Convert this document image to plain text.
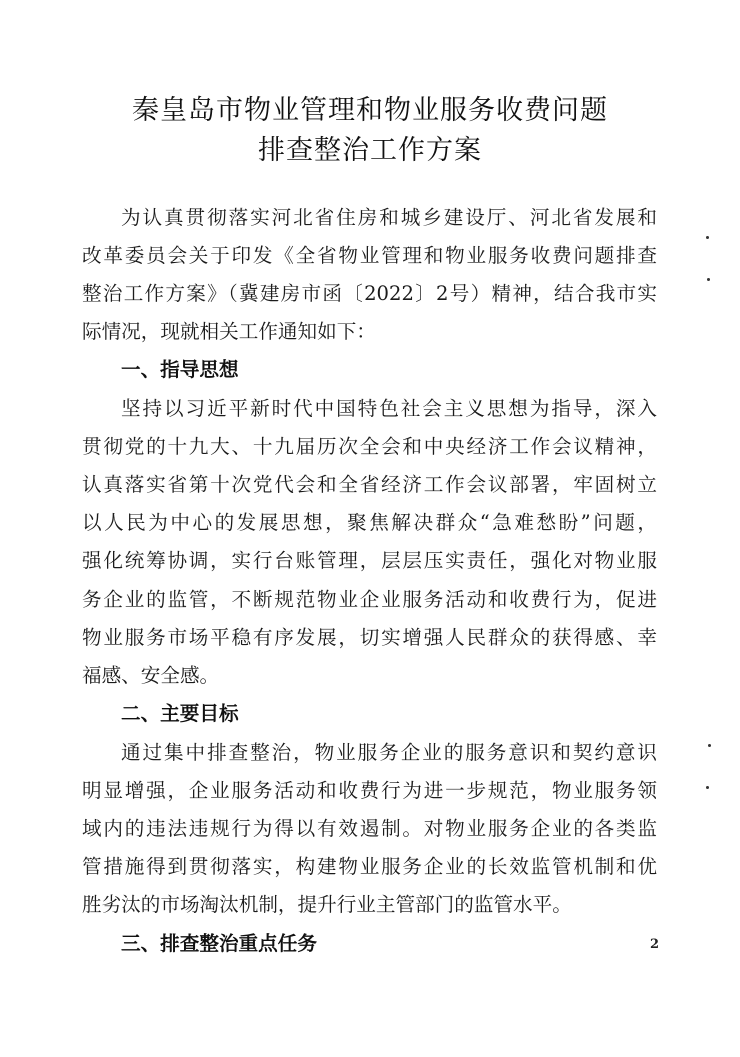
秦皇岛市物业管理和物业服务收费问题
排查整治工作方案
为认真贯彻落实河北省住房和城乡建设厅、河北省发展和
改革委员会关于印发《全省物业管理和物业服务收费问题排查
整治工作方案》（冀建房市函〔2022〕2号）精神，结合我市实
际情况，现就相关工作通知如下：
一、指导思想
坚持以习近平新时代中国特色社会主义思想为指导，深入
贯彻党的十九大、十九届历次全会和中央经济工作会议精神，
认真落实省第十次党代会和全省经济工作会议部署，牢固树立
以人民为中心的发展思想，聚焦解决群众“急难愁盼”问题，
强化统筹协调，实行台账管理，层层压实责任，强化对物业服
务企业的监管，不断规范物业企业服务活动和收费行为，促进
物业服务市场平稳有序发展，切实增强人民群众的获得感、幸
福感、安全感。
二、主要目标
通过集中排查整治，物业服务企业的服务意识和契约意识
明显增强，企业服务活动和收费行为进一步规范，物业服务领
域内的违法违规行为得以有效遏制。对物业服务企业的各类监
管措施得到贯彻落实，构建物业服务企业的长效监管机制和优
胜劣汰的市场淘汰机制，提升行业主管部门的监管水平。
三、排查整治重点任务	2
